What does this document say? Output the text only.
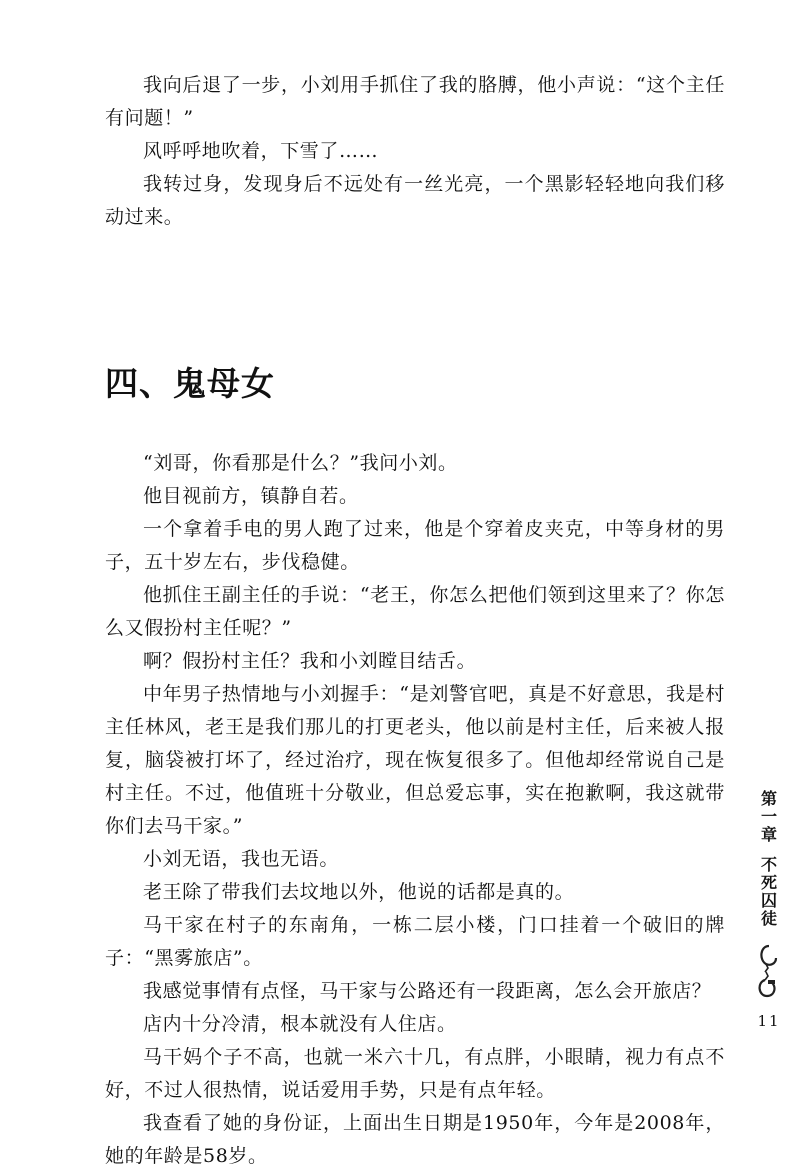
我向后退了一步，小刘用手抓住了我的胳膊，他小声说：“这个主任有问题！”

风呼呼地吹着，下雪了……

我转过身，发现身后不远处有一丝光亮，一个黑影轻轻地向我们移动过来。

四、鬼母女

“刘哥，你看那是什么？”我问小刘。

他目视前方，镇静自若。

一个拿着手电的男人跑了过来，他是个穿着皮夹克，中等身材的男子，五十岁左右，步伐稳健。

他抓住王副主任的手说：“老王，你怎么把他们领到这里来了？你怎么又假扮村主任呢？”

啊？假扮村主任？我和小刘瞠目结舌。

中年男子热情地与小刘握手：“是刘警官吧，真是不好意思，我是村主任林风，老王是我们那儿的打更老头，他以前是村主任，后来被人报复，脑袋被打坏了，经过治疗，现在恢复很多了。但他却经常说自己是村主任。不过，他值班十分敬业，但总爱忘事，实在抱歉啊，我这就带你们去马干家。”

小刘无语，我也无语。

老王除了带我们去坟地以外，他说的话都是真的。

马干家在村子的东南角，一栋二层小楼，门口挂着一个破旧的牌子：“黑雾旅店”。

我感觉事情有点怪，马干家与公路还有一段距离，怎么会开旅店？

店内十分冷清，根本就没有人住店。

马干妈个子不高，也就一米六十几，有点胖，小眼睛，视力有点不好，不过人很热情，说话爱用手势，只是有点年轻。

我查看了她的身份证，上面出生日期是1950年，今年是2008年，她的年龄是58岁。

第
一
章
不
死
囚
徒
11
